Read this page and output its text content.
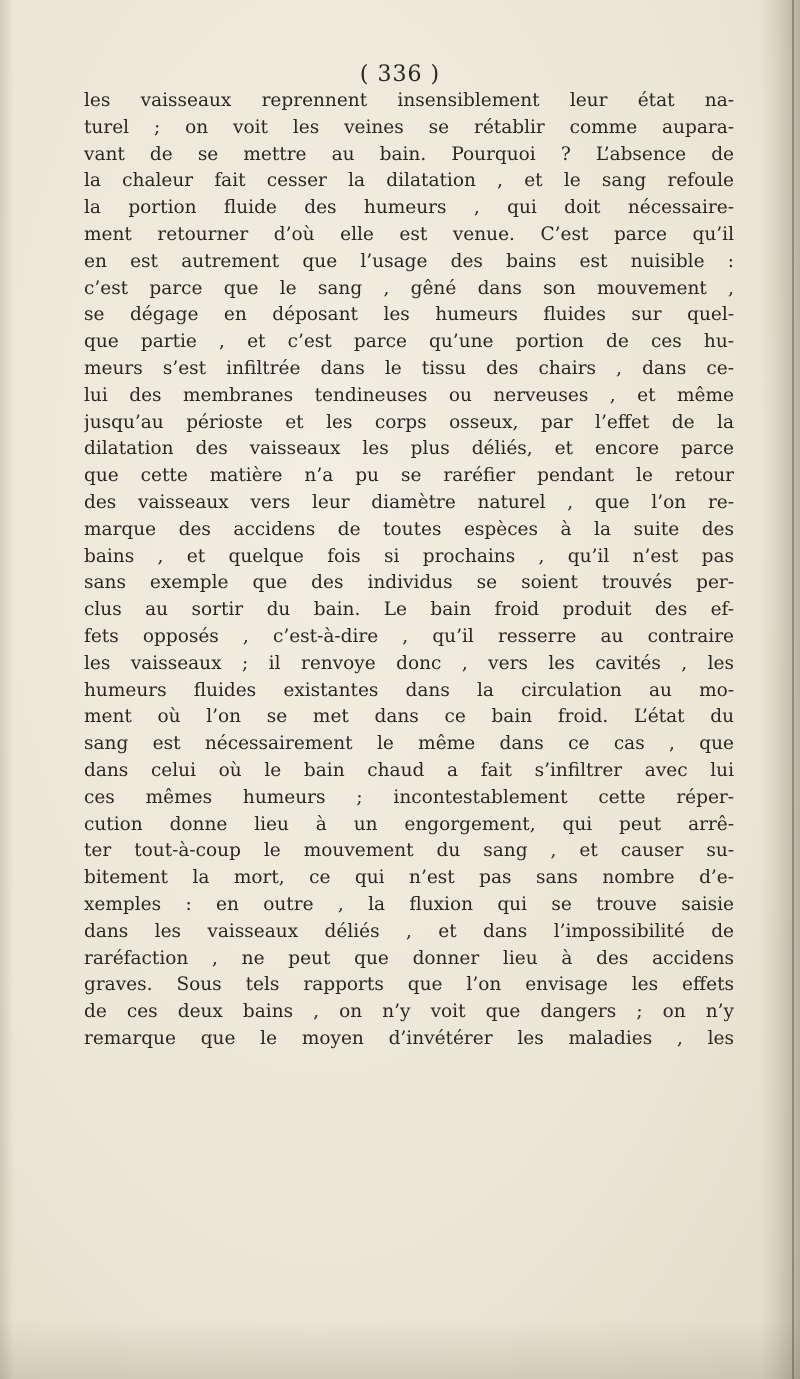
( 336 )
les vaisseaux reprennent insensiblement leur état na-
turel ; on voit les veines se rétablir comme aupara-
vant de se mettre au bain. Pourquoi ? L’absence de
la chaleur fait cesser la dilatation , et le sang refoule
la portion fluide des humeurs , qui doit nécessaire-
ment retourner d’où elle est venue. C’est parce qu’il
en est autrement que l’usage des bains est nuisible :
c’est parce que le sang , gêné dans son mouvement ,
se dégage en déposant les humeurs fluides sur quel-
que partie , et c’est parce qu’une portion de ces hu-
meurs s’est infiltrée dans le tissu des chairs , dans ce-
lui des membranes tendineuses ou nerveuses , et même
jusqu’au périoste et les corps osseux, par l’effet de la
dilatation des vaisseaux les plus déliés, et encore parce
que cette matière n’a pu se raréfier pendant le retour
des vaisseaux vers leur diamètre naturel , que l’on re-
marque des accidens de toutes espèces à la suite des
bains , et quelque fois si prochains , qu’il n’est pas
sans exemple que des individus se soient trouvés per-
clus au sortir du bain. Le bain froid produit des ef-
fets opposés , c’est-à-dire , qu’il resserre au contraire
les vaisseaux ; il renvoye donc , vers les cavités , les
humeurs fluides existantes dans la circulation au mo-
ment où l’on se met dans ce bain froid. L’état du
sang est nécessairement le même dans ce cas , que
dans celui où le bain chaud a fait s’infiltrer avec lui
ces mêmes humeurs ; incontestablement cette réper-
cution donne lieu à un engorgement, qui peut arrê-
ter tout-à-coup le mouvement du sang , et causer su-
bitement la mort, ce qui n’est pas sans nombre d’e-
xemples : en outre , la fluxion qui se trouve saisie
dans les vaisseaux déliés , et dans l’impossibilité de
raréfaction , ne peut que donner lieu à des accidens
graves. Sous tels rapports que l’on envisage les effets
de ces deux bains , on n’y voit que dangers ; on n’y
remarque que le moyen d’invétérer les maladies , les
